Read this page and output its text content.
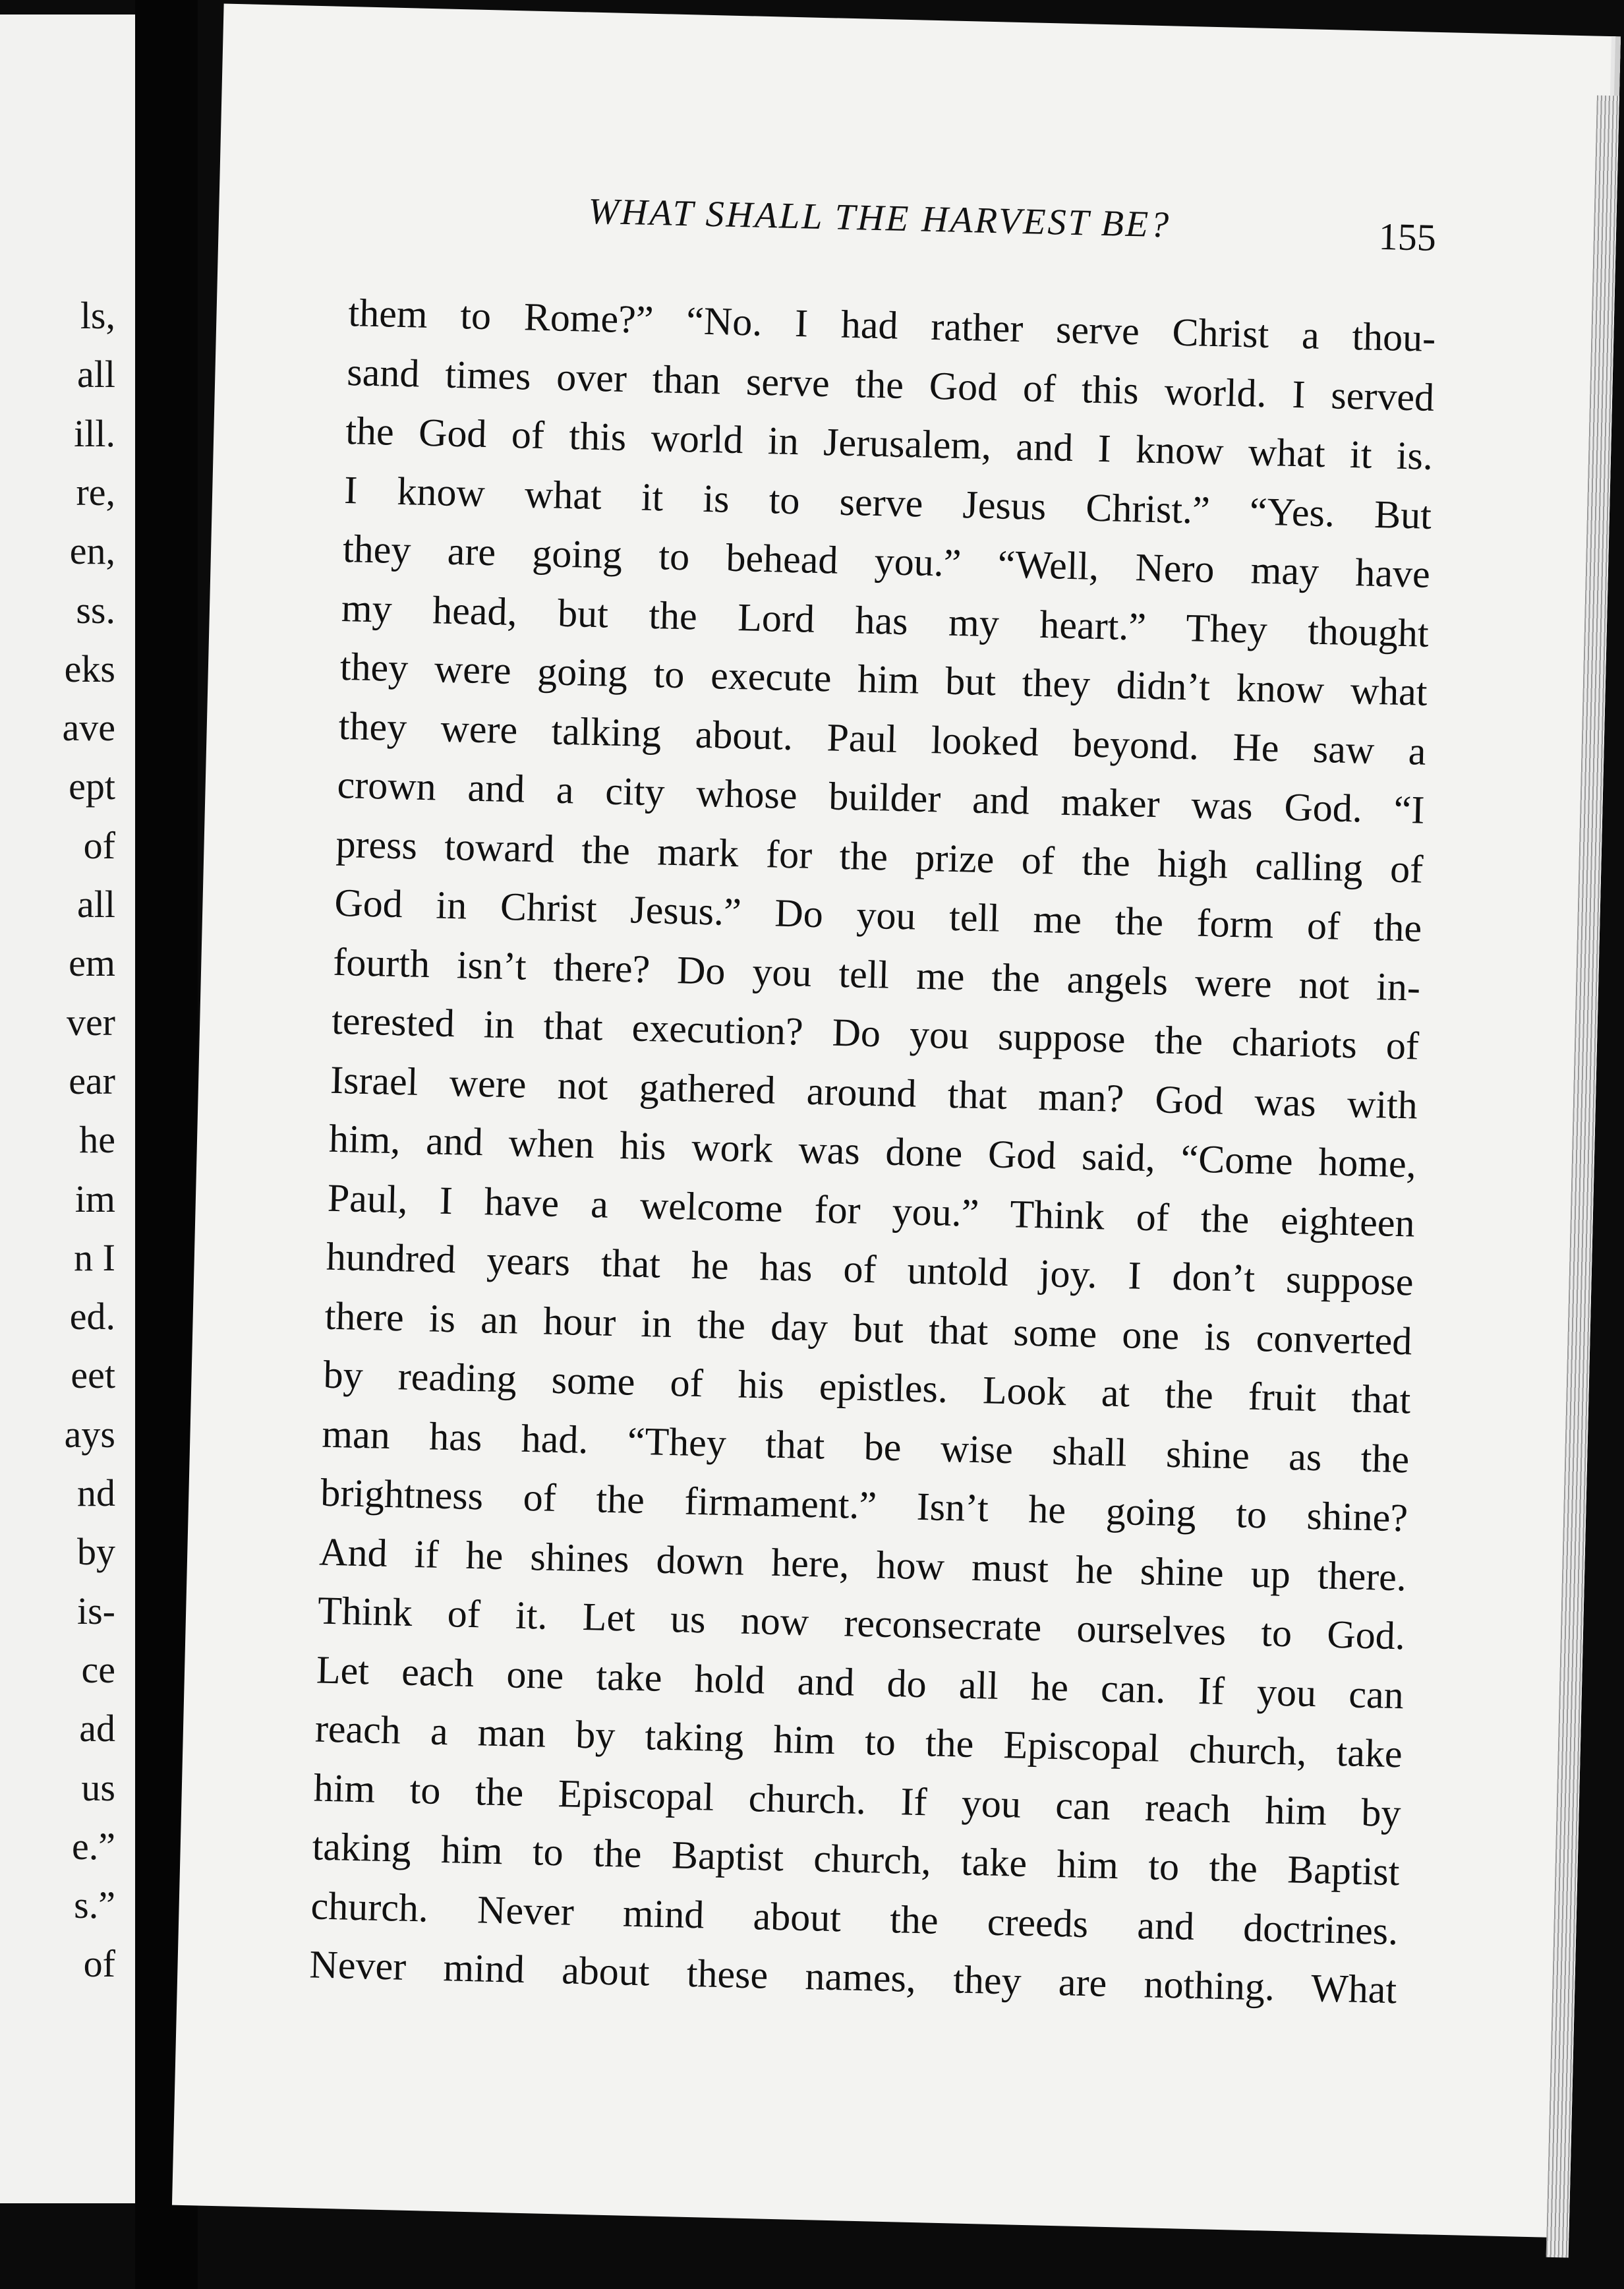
ls,
all
ill.
re,
en,
ss.
eks
ave
ept
of
all
em
ver
ear
he
im
n I
ed.
eet
ays
nd
by
is-
ce
ad
us
e.”
s.”
of
WHAT SHALL THE HARVEST BE?	155
them to Rome?” “No. I had rather serve Christ a thou-
sand times over than serve the God of this world. I served
the God of this world in Jerusalem, and I know what it is.
I know what it is to serve Jesus Christ.” “Yes. But
they are going to behead you.” “Well, Nero may have
my head, but the Lord has my heart.” They thought
they were going to execute him but they didn’t know what
they were talking about. Paul looked beyond. He saw a
crown and a city whose builder and maker was God. “I
press toward the mark for the prize of the high calling of
God in Christ Jesus.” Do you tell me the form of the
fourth isn’t there? Do you tell me the angels were not in-
terested in that execution? Do you suppose the chariots of
Israel were not gathered around that man? God was with
him, and when his work was done God said, “Come home,
Paul, I have a welcome for you.” Think of the eighteen
hundred years that he has of untold joy. I don’t suppose
there is an hour in the day but that some one is converted
by reading some of his epistles. Look at the fruit that
man has had. “They that be wise shall shine as the
brightness of the firmament.” Isn’t he going to shine?
And if he shines down here, how must he shine up there.
Think of it. Let us now reconsecrate ourselves to God.
Let each one take hold and do all he can. If you can
reach a man by taking him to the Episcopal church, take
him to the Episcopal church. If you can reach him by
taking him to the Baptist church, take him to the Baptist
church. Never mind about the creeds and doctrines.
Never mind about these names, they are nothing. What
